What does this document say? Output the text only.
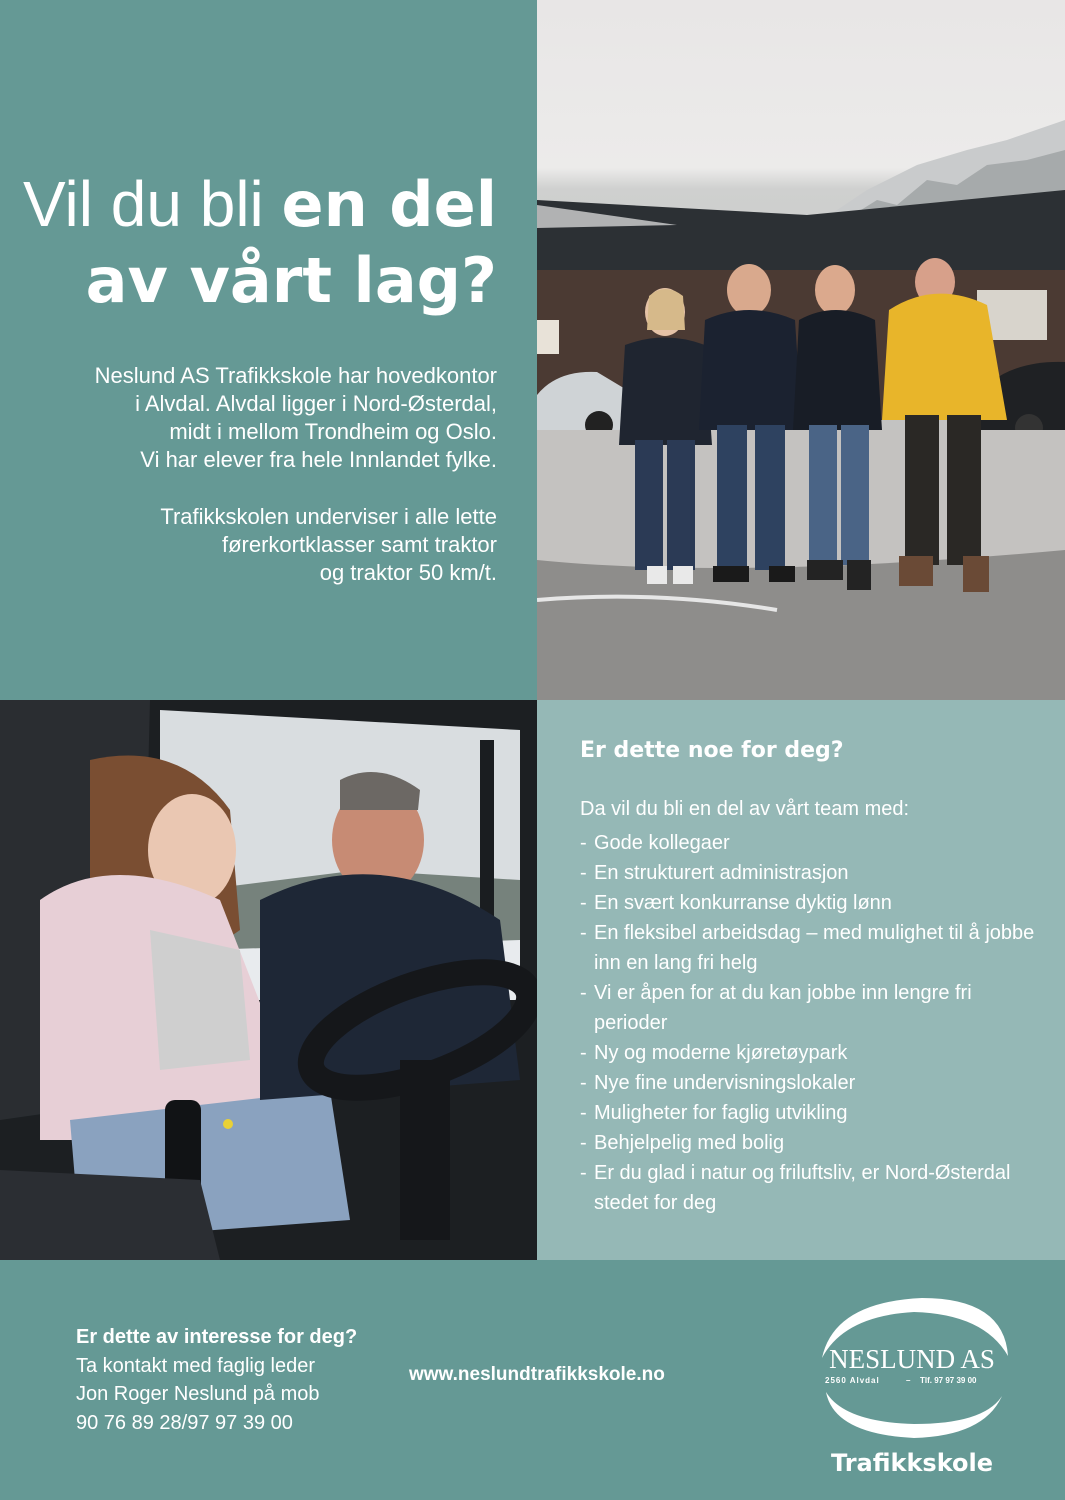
Vil du bli en del
av vårt lag?
Neslund AS Trafikkskole har hovedkontor
i Alvdal. Alvdal ligger i Nord-Østerdal,
midt i mellom Trondheim og Oslo.
Vi har elever fra hele Innlandet fylke.
Trafikkskolen underviser i alle lette
førerkortklasser samt traktor
og traktor 50 km/t.
Er dette noe for deg?
Da vil du bli en del av vårt team med:
- Gode kollegaer
- En strukturert administrasjon
- En svært konkurranse dyktig lønn
- En fleksibel arbeidsdag – med mulighet til å jobbe inn en lang fri helg
- Vi er åpen for at du kan jobbe inn lengre fri perioder
- Ny og moderne kjøretøypark
- Nye fine undervisningslokaler
- Muligheter for faglig utvikling
- Behjelpelig med bolig
- Er du glad i natur og friluftsliv, er Nord-Østerdal stedet for deg
Er dette av interesse for deg?
Ta kontakt med faglig leder
Jon Roger Neslund på mob
90 76 89 28/97 97 39 00
www.neslundtrafikkskole.no
NESLUND AS
2560 Alvdal	– Tlf. 97 97 39 00
Trafikkskole
